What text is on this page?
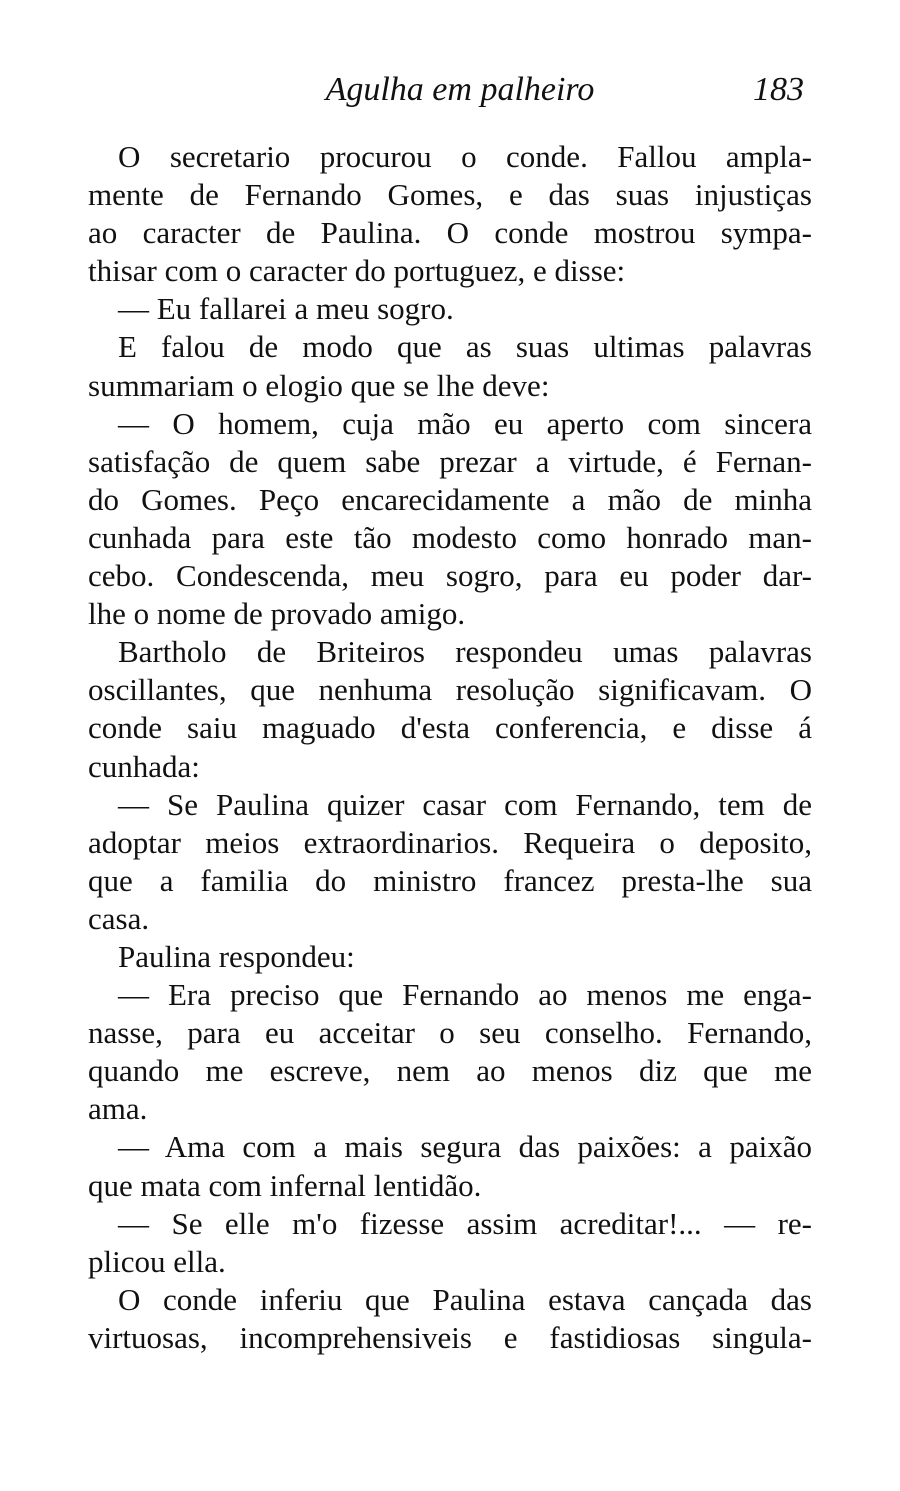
Agulha em palheiro	183
O secretario procurou o conde. Fallou ampla-
mente de Fernando Gomes, e das suas injustiças
ao caracter de Paulina. O conde mostrou sympa-
thisar com o caracter do portuguez, e disse:
— Eu fallarei a meu sogro.
E falou de modo que as suas ultimas palavras
summariam o elogio que se lhe deve:
— O homem, cuja mão eu aperto com sincera
satisfação de quem sabe prezar a virtude, é Fernan-
do Gomes. Peço encarecidamente a mão de minha
cunhada para este tão modesto como honrado man-
cebo. Condescenda, meu sogro, para eu poder dar-
lhe o nome de provado amigo.
Bartholo de Briteiros respondeu umas palavras
oscillantes, que nenhuma resolução significavam. O
conde saiu maguado d'esta conferencia, e disse á
cunhada:
— Se Paulina quizer casar com Fernando, tem de
adoptar meios extraordinarios. Requeira o deposito,
que a familia do ministro francez presta-lhe sua
casa.
Paulina respondeu:
— Era preciso que Fernando ao menos me enga-
nasse, para eu acceitar o seu conselho. Fernando,
quando me escreve, nem ao menos diz que me
ama.
— Ama com a mais segura das paixões: a paixão
que mata com infernal lentidão.
— Se elle m'o fizesse assim acreditar!... — re-
plicou ella.
O conde inferiu que Paulina estava cançada das
virtuosas, incomprehensiveis e fastidiosas singula-
